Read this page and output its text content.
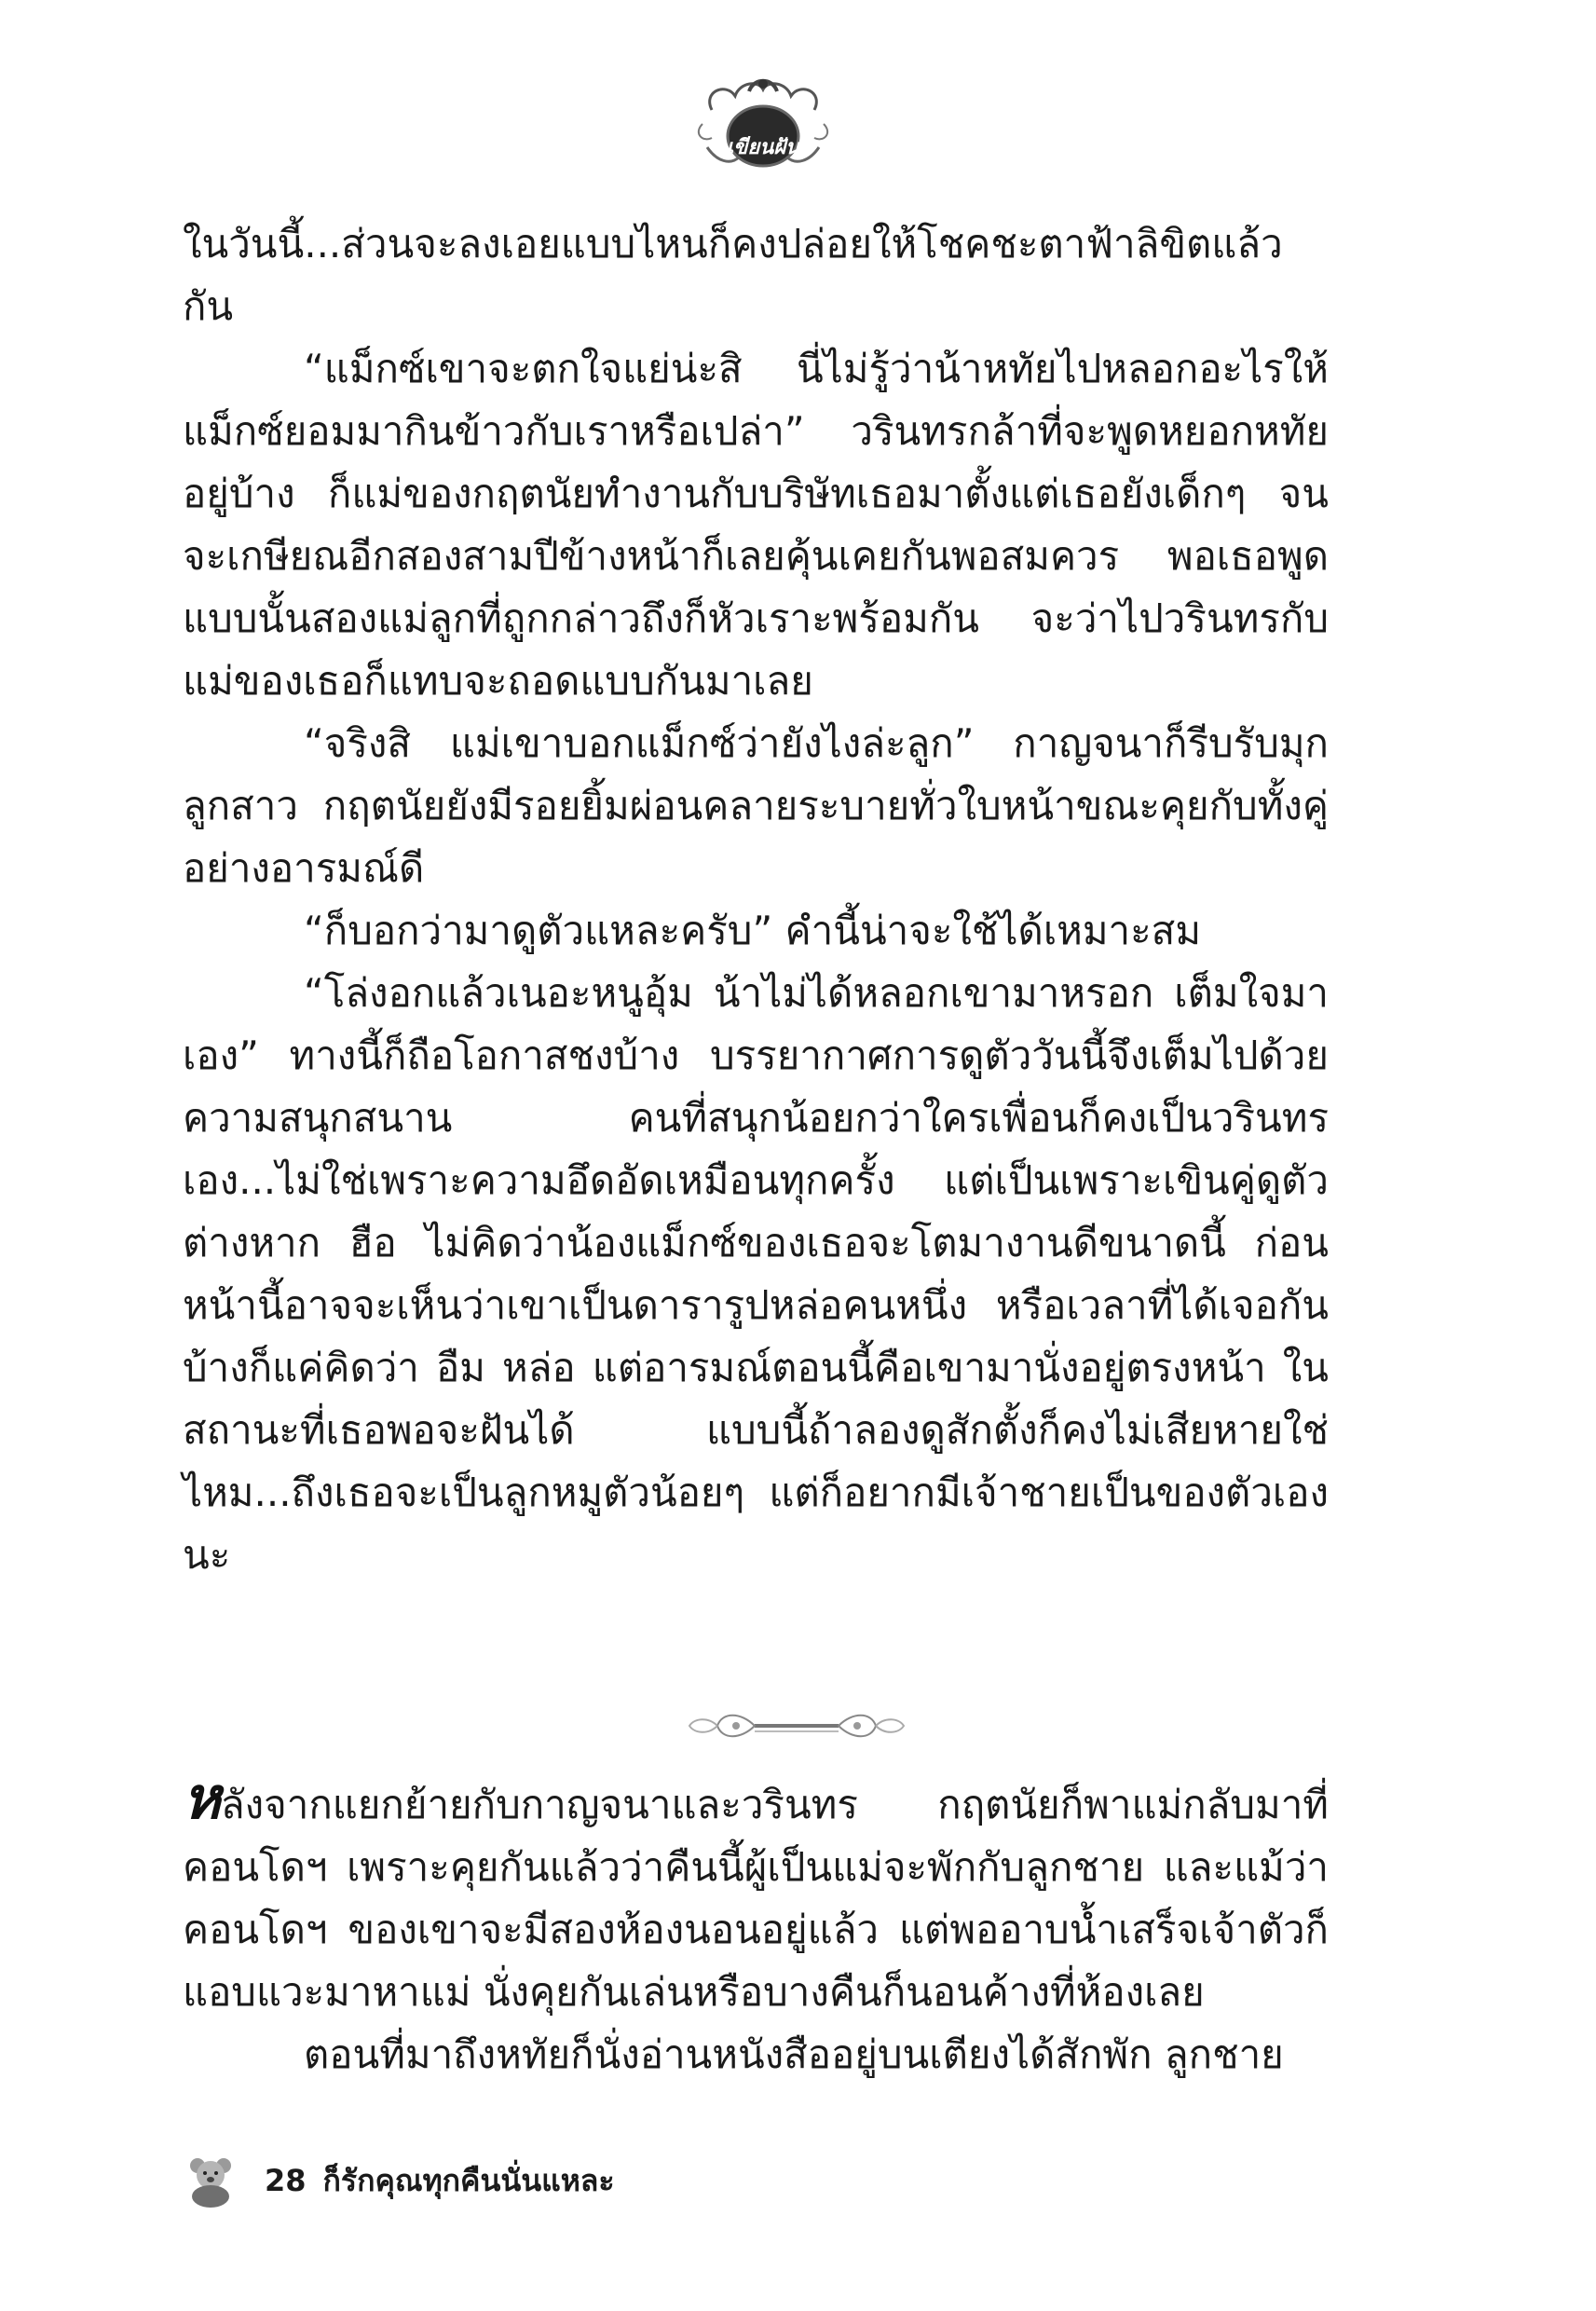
เขียนฝัน

ในวันนี้...ส่วนจะลงเอยแบบไหนก็คงปล่อยให้โชคชะตาฟ้าลิขิตแล้วกัน

“แม็กซ์เขาจะตกใจแย่น่ะสิ นี่ไม่รู้ว่าน้าหทัยไปหลอกอะไรให้แม็กซ์ยอมมากินข้าวกับเราหรือเปล่า” วรินทรกล้าที่จะพูดหยอกหทัยอยู่บ้าง ก็แม่ของกฤตนัยทำงานกับบริษัทเธอมาตั้งแต่เธอยังเด็กๆ จนจะเกษียณอีกสองสามปีข้างหน้าก็เลยคุ้นเคยกันพอสมควร พอเธอพูดแบบนั้นสองแม่ลูกที่ถูกกล่าวถึงก็หัวเราะพร้อมกัน จะว่าไปวรินทรกับแม่ของเธอก็แทบจะถอดแบบกันมาเลย

“จริงสิ แม่เขาบอกแม็กซ์ว่ายังไงล่ะลูก” กาญจนาก็รีบรับมุกลูกสาว กฤตนัยยังมีรอยยิ้มผ่อนคลายระบายทั่วใบหน้าขณะคุยกับทั้งคู่อย่างอารมณ์ดี

“ก็บอกว่ามาดูตัวแหละครับ” คำนี้น่าจะใช้ได้เหมาะสม

“โล่งอกแล้วเนอะหนูอุ้ม น้าไม่ได้หลอกเขามาหรอก เต็มใจมาเอง” ทางนี้ก็ถือโอกาสชงบ้าง บรรยากาศการดูตัววันนี้จึงเต็มไปด้วยความสนุกสนาน คนที่สนุกน้อยกว่าใครเพื่อนก็คงเป็นวรินทรเอง...ไม่ใช่เพราะความอึดอัดเหมือนทุกครั้ง แต่เป็นเพราะเขินคู่ดูตัวต่างหาก ฮือ ไม่คิดว่าน้องแม็กซ์ของเธอจะโตมางานดีขนาดนี้ ก่อนหน้านี้อาจจะเห็นว่าเขาเป็นดารารูปหล่อคนหนึ่ง หรือเวลาที่ได้เจอกันบ้างก็แค่คิดว่า อืม หล่อ แต่อารมณ์ตอนนี้คือเขามานั่งอยู่ตรงหน้า ในสถานะที่เธอพอจะฝันได้ แบบนี้ถ้าลองดูสักตั้งก็คงไม่เสียหายใช่ไหม...ถึงเธอจะเป็นลูกหมูตัวน้อยๆ แต่ก็อยากมีเจ้าชายเป็นของตัวเองนะ

หลังจากแยกย้ายกับกาญจนาและวรินทร กฤตนัยก็พาแม่กลับมาที่คอนโดฯ เพราะคุยกันแล้วว่าคืนนี้ผู้เป็นแม่จะพักกับลูกชาย และแม้ว่าคอนโดฯ ของเขาจะมีสองห้องนอนอยู่แล้ว แต่พออาบน้ำเสร็จเจ้าตัวก็แอบแวะมาหาแม่ นั่งคุยกันเล่นหรือบางคืนก็นอนค้างที่ห้องเลย

ตอนที่มาถึงหทัยก็นั่งอ่านหนังสืออยู่บนเตียงได้สักพัก ลูกชาย

28 ก็รักคุณทุกคืนนั่นแหละ
